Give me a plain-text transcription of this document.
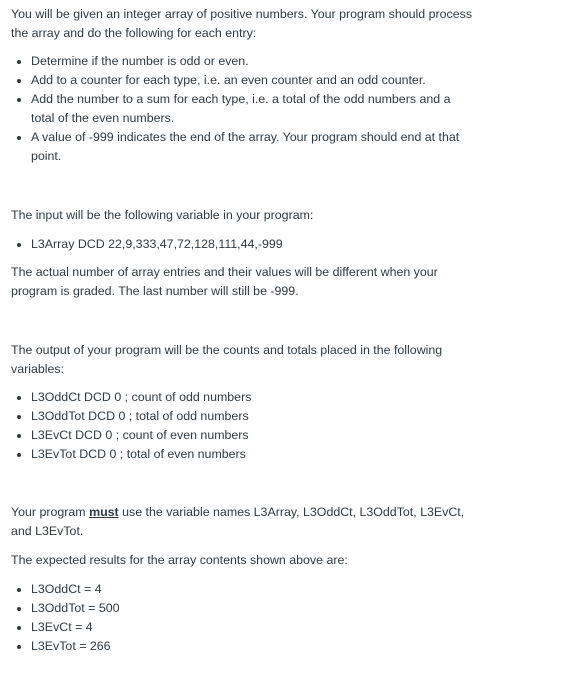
You will be given an integer array of positive numbers. Your program should process the array and do the following for each entry:

Determine if the number is odd or even.
Add to a counter for each type, i.e. an even counter and an odd counter.
Add the number to a sum for each type, i.e. a total of the odd numbers and a total of the even numbers.
A value of -999 indicates the end of the array. Your program should end at that point.

The input will be the following variable in your program:

L3Array DCD 22,9,333,47,72,128,111,44,-999

The actual number of array entries and their values will be different when your program is graded. The last number will still be -999.

The output of your program will be the counts and totals placed in the following variables:

L3OddCt DCD 0 ; count of odd numbers
L3OddTot DCD 0 ; total of odd numbers
L3EvCt DCD 0 ; count of even numbers
L3EvTot DCD 0 ; total of even numbers

Your program must use the variable names L3Array, L3OddCt, L3OddTot, L3EvCt, and L3EvTot.

The expected results for the array contents shown above are:

L3OddCt = 4
L3OddTot = 500
L3EvCt = 4
L3EvTot = 266
